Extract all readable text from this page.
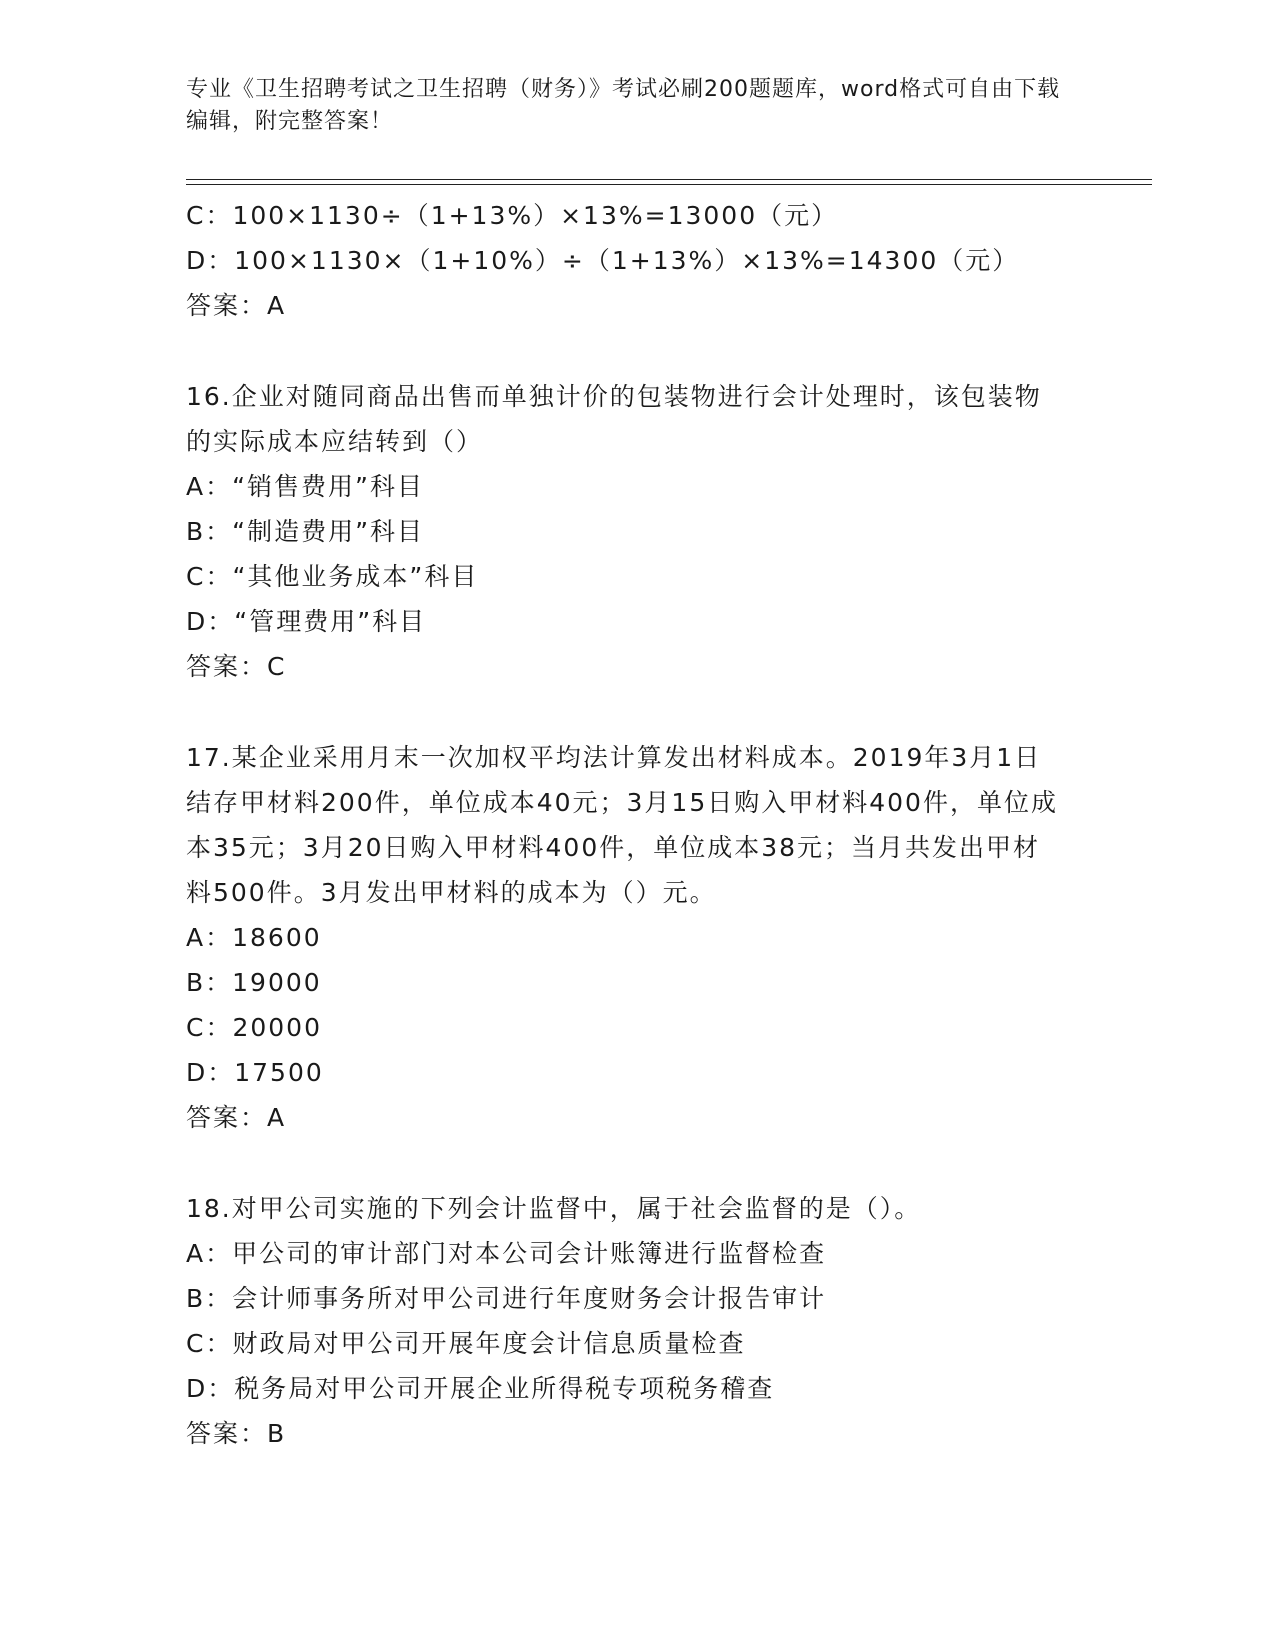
专业《卫生招聘考试之卫生招聘（财务）》考试必刷200题题库，word格式可自由下载编辑，附完整答案！
C：100×1130÷（1+13%）×13%=13000（元）
D：100×1130×（1+10%）÷（1+13%）×13%=14300（元）
答案：A
16.企业对随同商品出售而单独计价的包装物进行会计处理时，该包装物的实际成本应结转到（）
A：“销售费用”科目
B：“制造费用”科目
C：“其他业务成本”科目
D：“管理费用”科目
答案：C
17.某企业采用月末一次加权平均法计算发出材料成本。2019年3月1日结存甲材料200件，单位成本40元；3月15日购入甲材料400件，单位成本35元；3月20日购入甲材料400件，单位成本38元；当月共发出甲材料500件。3月发出甲材料的成本为（）元。
A：18600
B：19000
C：20000
D：17500
答案：A
18.对甲公司实施的下列会计监督中，属于社会监督的是（）。
A：甲公司的审计部门对本公司会计账簿进行监督检查
B：会计师事务所对甲公司进行年度财务会计报告审计
C：财政局对甲公司开展年度会计信息质量检查
D：税务局对甲公司开展企业所得税专项税务稽查
答案：B
